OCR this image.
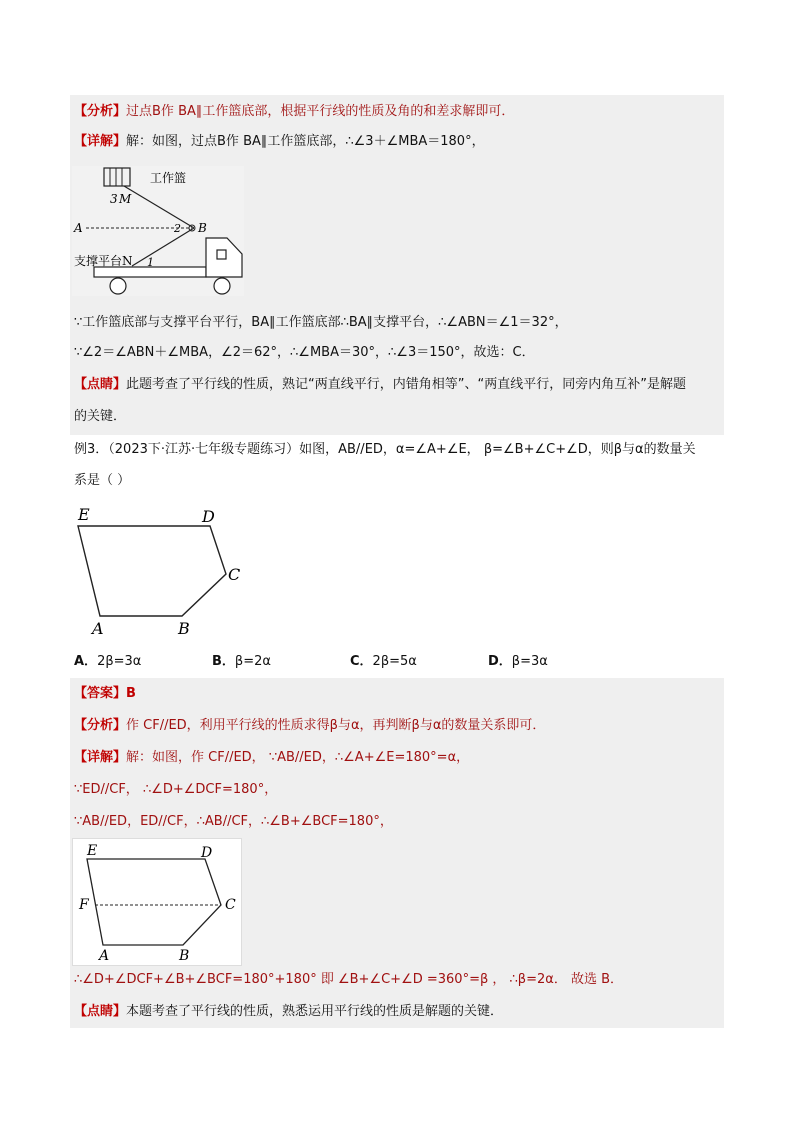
【分析】过点B作 BA∥工作篮底部，根据平行线的性质及角的和差求解即可．
【详解】解：如图，过点B作 BA∥工作篮底部，∴∠3＋∠MBA＝180°，
工作篮
3 M
A	2 B
支撑平台N 1
∵工作篮底部与支撑平台平行，BA∥工作篮底部∴BA∥支撑平台，∴∠ABN＝∠1＝32°，
∵∠2＝∠ABN＋∠MBA，∠2＝62°，∴∠MBA＝30°，∴∠3＝150°，故选：C．
【点睛】此题考查了平行线的性质，熟记“两直线平行，内错角相等”、“两直线平行，同旁内角互补”是解题
的关键．
例3．（2023下·江苏·七年级专题练习）如图，AB//ED，α=∠A+∠E， β=∠B+∠C+∠D，则β与α的数量关
系是（ ）
E	D
C
A	B
A．2β=3α	B．β=2α	C．2β=5α	D．β=3α
【答案】B
【分析】作 CF//ED，利用平行线的性质求得β与α，再判断β与α的数量关系即可．
【详解】解：如图，作 CF//ED， ∵AB//ED，∴∠A+∠E=180°=α，
∵ED//CF， ∴∠D+∠DCF=180°，
∵AB//ED，ED//CF，∴AB//CF，∴∠B+∠BCF=180°，
E	D
F	C
A	B
∴∠D+∠DCF+∠B+∠BCF=180°+180° 即 ∠B+∠C+∠D =360°=β ， ∴β=2α． 故选 B．
【点睛】本题考查了平行线的性质，熟悉运用平行线的性质是解题的关键．
